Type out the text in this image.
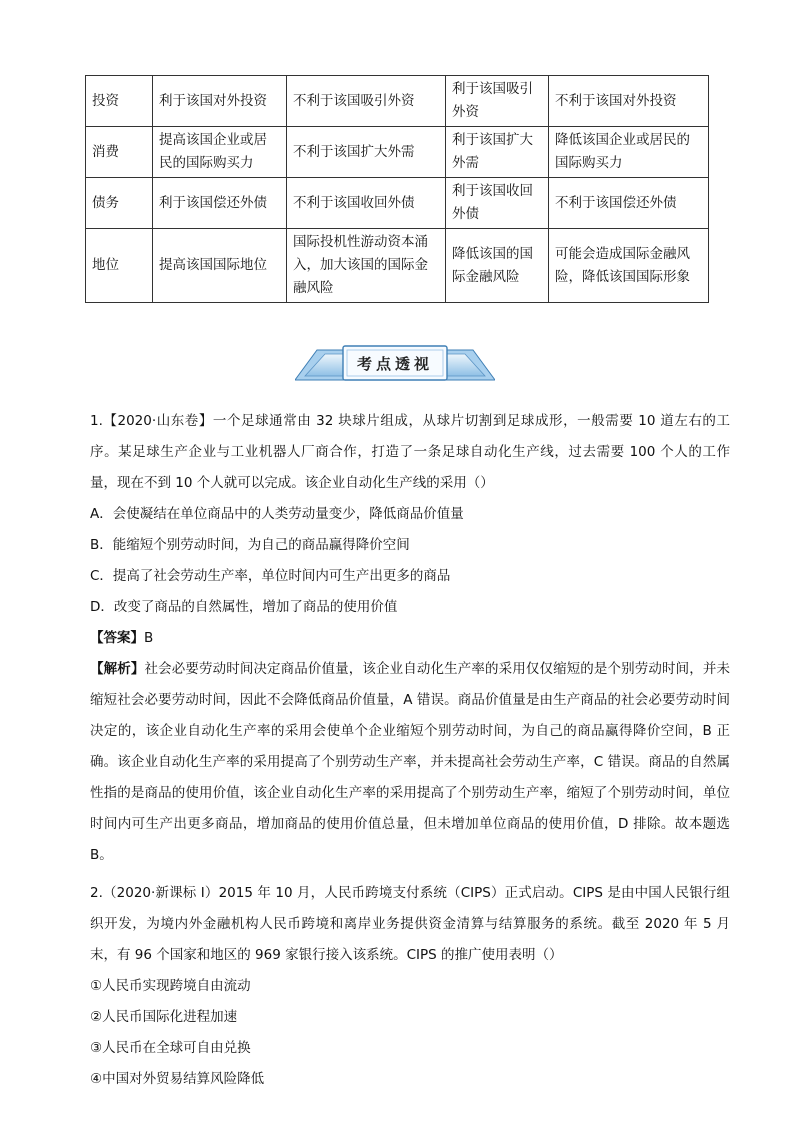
投资	利于该国对外投资	不利于该国吸引外资	利于该国吸引外资	不利于该国对外投资
消费	提高该国企业或居民的国际购买力	不利于该国扩大外需	利于该国扩大外需	降低该国企业或居民的国际购买力
债务	利于该国偿还外债	不利于该国收回外债	利于该国收回外债	不利于该国偿还外债
地位	提高该国国际地位	国际投机性游动资本涌入，加大该国的国际金融风险	降低该国的国际金融风险	可能会造成国际金融风险，降低该国国际形象
考点透视

1.【2020·山东卷】一个足球通常由 32 块球片组成，从球片切割到足球成形，一般需要 10 道左右的工序。某足球生产企业与工业机器人厂商合作，打造了一条足球自动化生产线，过去需要 100 个人的工作量，现在不到 10 个人就可以完成。该企业自动化生产线的采用（）

A．会使凝结在单位商品中的人类劳动量变少，降低商品价值量

B．能缩短个别劳动时间，为自己的商品赢得降价空间

C．提高了社会劳动生产率，单位时间内可生产出更多的商品

D．改变了商品的自然属性，增加了商品的使用价值

【答案】B

【解析】社会必要劳动时间决定商品价值量，该企业自动化生产率的采用仅仅缩短的是个别劳动时间，并未缩短社会必要劳动时间，因此不会降低商品价值量，A 错误。商品价值量是由生产商品的社会必要劳动时间决定的，该企业自动化生产率的采用会使单个企业缩短个别劳动时间，为自己的商品赢得降价空间，B 正确。该企业自动化生产率的采用提高了个别劳动生产率，并未提高社会劳动生产率，C 错误。商品的自然属性指的是商品的使用价值，该企业自动化生产率的采用提高了个别劳动生产率，缩短了个别劳动时间，单位时间内可生产出更多商品，增加商品的使用价值总量，但未增加单位商品的使用价值，D 排除。故本题选 B。

2.（2020·新课标 I）2015 年 10 月，人民币跨境支付系统（CIPS）正式启动。CIPS 是由中国人民银行组织开发，为境内外金融机构人民币跨境和离岸业务提供资金清算与结算服务的系统。截至 2020 年 5 月末，有 96 个国家和地区的 969 家银行接入该系统。CIPS 的推广使用表明（）

①人民币实现跨境自由流动

②人民币国际化进程加速

③人民币在全球可自由兑换

④中国对外贸易结算风险降低
